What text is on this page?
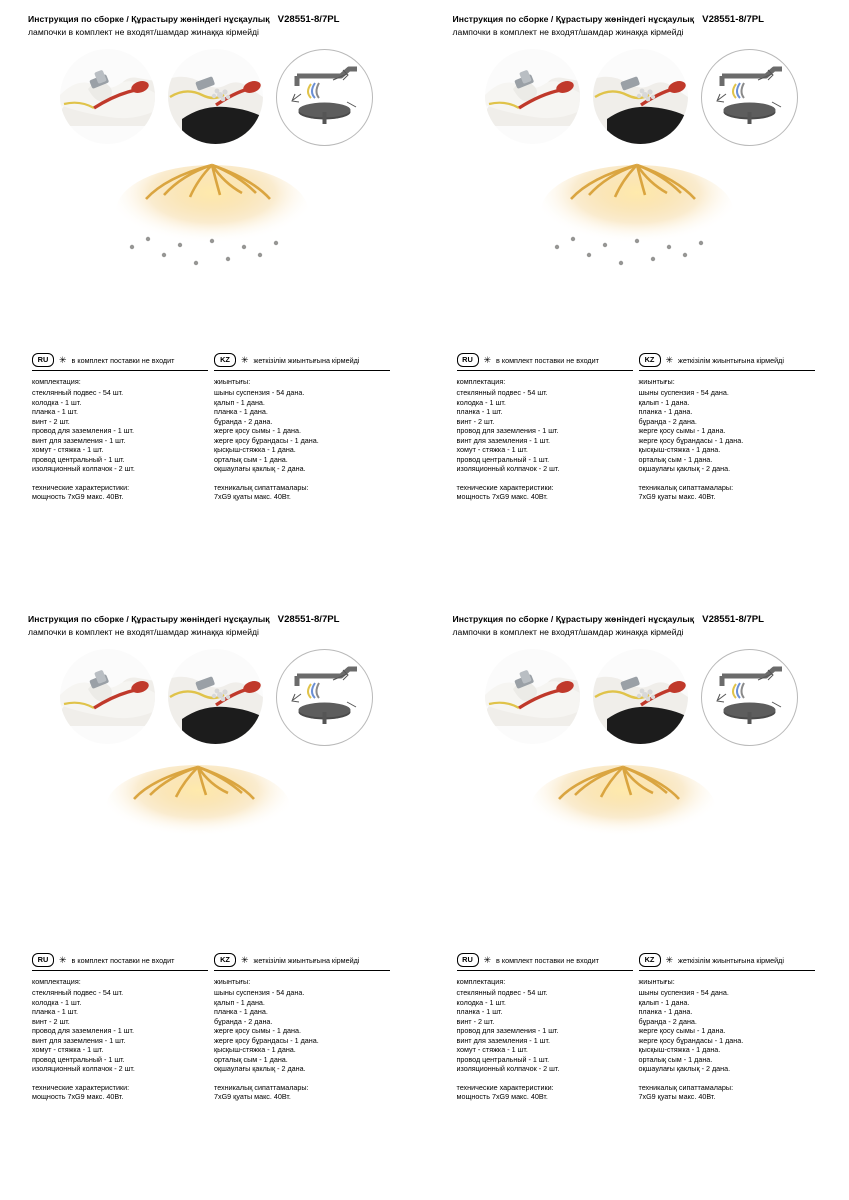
Инструкция по сборке / Құрастыру жөніндегі нұсқаулық V28551-8/7PL
лампочки в комплект не входят/шамдар жинаққа кірмейді
RU	✳ в комплект поставки не входит
комплектация:
стеклянный подвес - 54 шт.
колодка - 1 шт.
планка - 1 шт.
винт - 2 шт.
провод для заземления - 1 шт.
винт для заземления - 1 шт.
хомут - стяжка - 1 шт.
провод центральный - 1 шт.
изоляционный колпачок - 2 шт.
технические характеристики:
мощность 7хG9 макс. 40Вт.
KZ	✳ жеткізілім жиынтығына кірмейді
жиынтығы:
шыны суспензия - 54 дана.
қалып - 1 дана.
планка - 1 дана.
бұранда - 2 дана.
жерге қосу сымы - 1 дана.
жерге қосу бұрандасы - 1 дана.
қысқыш-стяжка - 1 дана.
орталық сым - 1 дана.
оқшаулағы қаклық - 2 дана.
техникалық сипаттамалары:
7хG9 қуаты макс. 40Вт.
Инструкция по сборке / Құрастыру жөніндегі нұсқаулық V28551-8/7PL
лампочки в комплект не входят/шамдар жинаққа кірмейді
RU	✳ в комплект поставки не входит
комплектация:
стеклянный подвес - 54 шт.
колодка - 1 шт.
планка - 1 шт.
винт - 2 шт.
провод для заземления - 1 шт.
винт для заземления - 1 шт.
хомут - стяжка - 1 шт.
провод центральный - 1 шт.
изоляционный колпачок - 2 шт.
технические характеристики:
мощность 7хG9 макс. 40Вт.
KZ	✳ жеткізілім жиынтығына кірмейді
жиынтығы:
шыны суспензия - 54 дана.
қалып - 1 дана.
планка - 1 дана.
бұранда - 2 дана.
жерге қосу сымы - 1 дана.
жерге қосу бұрандасы - 1 дана.
қысқыш-стяжка - 1 дана.
орталық сым - 1 дана.
оқшаулағы қаклық - 2 дана.
техникалық сипаттамалары:
7хG9 қуаты макс. 40Вт.
Инструкция по сборке / Құрастыру жөніндегі нұсқаулық V28551-8/7PL
лампочки в комплект не входят/шамдар жинаққа кірмейді
RU	✳ в комплект поставки не входит
комплектация:
стеклянный подвес - 54 шт.
колодка - 1 шт.
планка - 1 шт.
винт - 2 шт.
провод для заземления - 1 шт.
винт для заземления - 1 шт.
хомут - стяжка - 1 шт.
провод центральный - 1 шт.
изоляционный колпачок - 2 шт.
технические характеристики:
мощность 7хG9 макс. 40Вт.
KZ	✳ жеткізілім жиынтығына кірмейді
жиынтығы:
шыны суспензия - 54 дана.
қалып - 1 дана.
планка - 1 дана.
бұранда - 2 дана.
жерге қосу сымы - 1 дана.
жерге қосу бұрандасы - 1 дана.
қысқыш-стяжка - 1 дана.
орталық сым - 1 дана.
оқшаулағы қаклық - 2 дана.
техникалық сипаттамалары:
7хG9 қуаты макс. 40Вт.
Инструкция по сборке / Құрастыру жөніндегі нұсқаулық V28551-8/7PL
лампочки в комплект не входят/шамдар жинаққа кірмейді
RU	✳ в комплект поставки не входит
комплектация:
стеклянный подвес - 54 шт.
колодка - 1 шт.
планка - 1 шт.
винт - 2 шт.
провод для заземления - 1 шт.
винт для заземления - 1 шт.
хомут - стяжка - 1 шт.
провод центральный - 1 шт.
изоляционный колпачок - 2 шт.
технические характеристики:
мощность 7хG9 макс. 40Вт.
KZ	✳ жеткізілім жиынтығына кірмейді
жиынтығы:
шыны суспензия - 54 дана.
қалып - 1 дана.
планка - 1 дана.
бұранда - 2 дана.
жерге қосу сымы - 1 дана.
жерге қосу бұрандасы - 1 дана.
қысқыш-стяжка - 1 дана.
орталық сым - 1 дана.
оқшаулағы қаклық - 2 дана.
техникалық сипаттамалары:
7хG9 қуаты макс. 40Вт.
